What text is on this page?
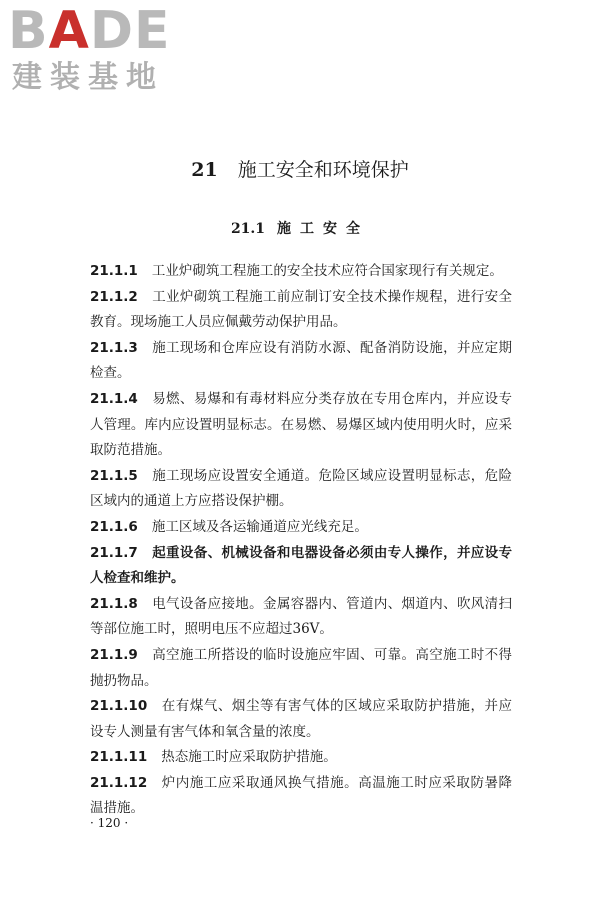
BADE
建装基地
21 施工安全和环境保护
21.1 施工安全

21.1.1 工业炉砌筑工程施工的安全技术应符合国家现行有关规定。

21.1.2 工业炉砌筑工程施工前应制订安全技术操作规程，进行安全教育。现场施工人员应佩戴劳动保护用品。

21.1.3 施工现场和仓库应设有消防水源、配备消防设施，并应定期检查。

21.1.4 易燃、易爆和有毒材料应分类存放在专用仓库内，并应设专人管理。库内应设置明显标志。在易燃、易爆区域内使用明火时，应采取防范措施。

21.1.5 施工现场应设置安全通道。危险区域应设置明显标志，危险区域内的通道上方应搭设保护棚。

21.1.6 施工区域及各运输通道应光线充足。

21.1.7 起重设备、机械设备和电器设备必须由专人操作，并应设专人检查和维护。

21.1.8 电气设备应接地。金属容器内、管道内、烟道内、吹风清扫等部位施工时，照明电压不应超过36V。

21.1.9 高空施工所搭设的临时设施应牢固、可靠。高空施工时不得抛扔物品。

21.1.10 在有煤气、烟尘等有害气体的区域应采取防护措施，并应设专人测量有害气体和氧含量的浓度。

21.1.11 热态施工时应采取防护措施。

21.1.12 炉内施工应采取通风换气措施。高温施工时应采取防暑降温措施。

· 120 ·
